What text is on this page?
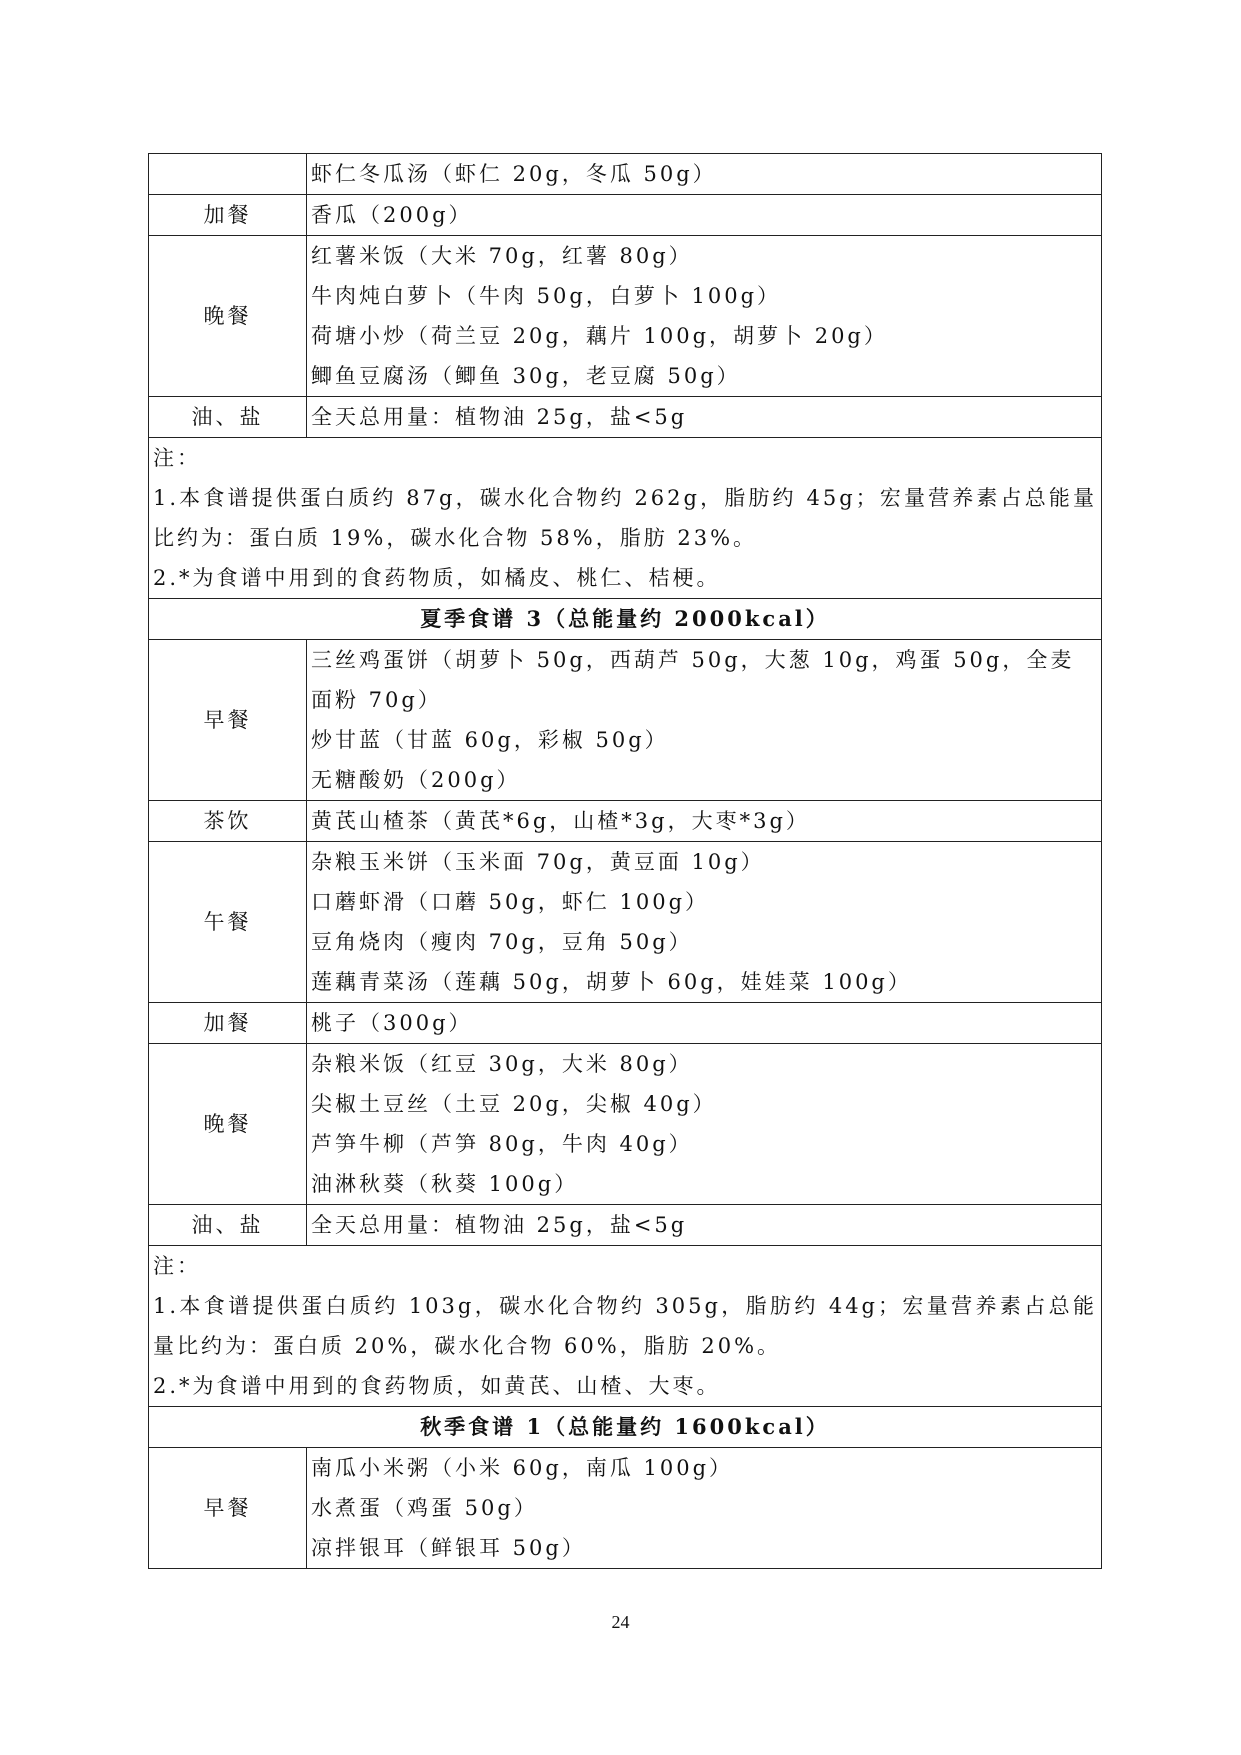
	虾仁冬瓜汤（虾仁 20g，冬瓜 50g）

加餐	香瓜（200g）

晚餐	红薯米饭（大米 70g，红薯 80g）
牛肉炖白萝卜（牛肉 50g，白萝卜 100g）
荷塘小炒（荷兰豆 20g，藕片 100g，胡萝卜 20g）
鲫鱼豆腐汤（鲫鱼 30g，老豆腐 50g）

油、盐	全天总用量：植物油 25g，盐<5g

注：
1.本食谱提供蛋白质约 87g，碳水化合物约 262g，脂肪约 45g；宏量营养素占总能量比约为：蛋白质 19%，碳水化合物 58%，脂肪 23%。
2.*为食谱中用到的食药物质，如橘皮、桃仁、桔梗。	

夏季食谱 3（总能量约 2000kcal）	
早餐	三丝鸡蛋饼（胡萝卜 50g，西葫芦 50g，大葱 10g，鸡蛋 50g，全麦面粉 70g）
炒甘蓝（甘蓝 60g，彩椒 50g）
无糖酸奶（200g）

茶饮	黄芪山楂茶（黄芪*6g，山楂*3g，大枣*3g）

午餐	杂粮玉米饼（玉米面 70g，黄豆面 10g）
口蘑虾滑（口蘑 50g，虾仁 100g）
豆角烧肉（瘦肉 70g，豆角 50g）
莲藕青菜汤（莲藕 50g，胡萝卜 60g，娃娃菜 100g）

加餐	桃子（300g）

晚餐	杂粮米饭（红豆 30g，大米 80g）
尖椒土豆丝（土豆 20g，尖椒 40g）
芦笋牛柳（芦笋 80g，牛肉 40g）
油淋秋葵（秋葵 100g）

油、盐	全天总用量：植物油 25g，盐<5g

注：
1.本食谱提供蛋白质约 103g，碳水化合物约 305g，脂肪约 44g；宏量营养素占总能量比约为：蛋白质 20%，碳水化合物 60%，脂肪 20%。
2.*为食谱中用到的食药物质，如黄芪、山楂、大枣。	

秋季食谱 1（总能量约 1600kcal）	
早餐	南瓜小米粥（小米 60g，南瓜 100g）
水煮蛋（鸡蛋 50g）
凉拌银耳（鲜银耳 50g）
24
